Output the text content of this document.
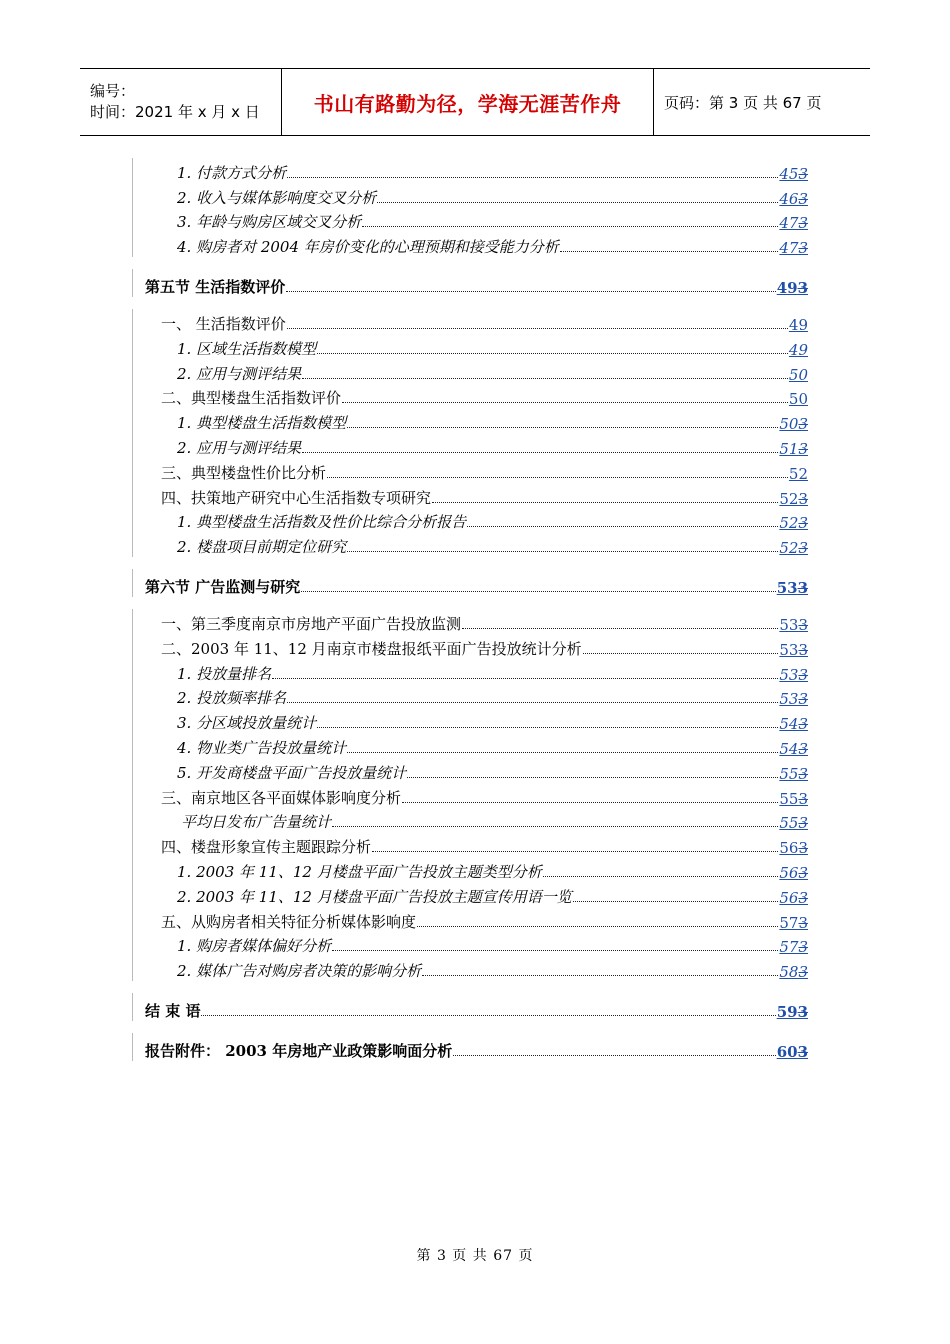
编号：
时间：2021 年 x 月 x 日	书山有路勤为径，学海无涯苦作舟	页码：第 3 页 共 67 页
1. 付款方式分析	453
2. 收入与媒体影响度交叉分析	463
3. 年龄与购房区域交叉分析	473
4. 购房者对 2004 年房价变化的心理预期和接受能力分析	473
第五节 生活指数评价	493
一、 生活指数评价	49
1. 区域生活指数模型	49
2. 应用与测评结果	50
二、典型楼盘生活指数评价	50
1. 典型楼盘生活指数模型	503
2. 应用与测评结果	513
三、典型楼盘性价比分析	52
四、扶策地产研究中心生活指数专项研究	523
1. 典型楼盘生活指数及性价比综合分析报告	523
2. 楼盘项目前期定位研究	523
第六节 广告监测与研究	533
一、第三季度南京市房地产平面广告投放监测	533
二、2003 年 11、12 月南京市楼盘报纸平面广告投放统计分析	533
1. 投放量排名	533
2. 投放频率排名	533
3. 分区域投放量统计	543
4. 物业类广告投放量统计	543
5. 开发商楼盘平面广告投放量统计	553
三、南京地区各平面媒体影响度分析	553
平均日发布广告量统计	553
四、楼盘形象宣传主题跟踪分析	563
1. 2003 年 11、12 月楼盘平面广告投放主题类型分析	563
2. 2003 年 11、12 月楼盘平面广告投放主题宣传用语一览	563
五、从购房者相关特征分析媒体影响度	573
1. 购房者媒体偏好分析	573
2. 媒体广告对购房者决策的影响分析	583
结 束 语	593
报告附件： 2003 年房地产业政策影响面分析	603
第 3 页 共 67 页
